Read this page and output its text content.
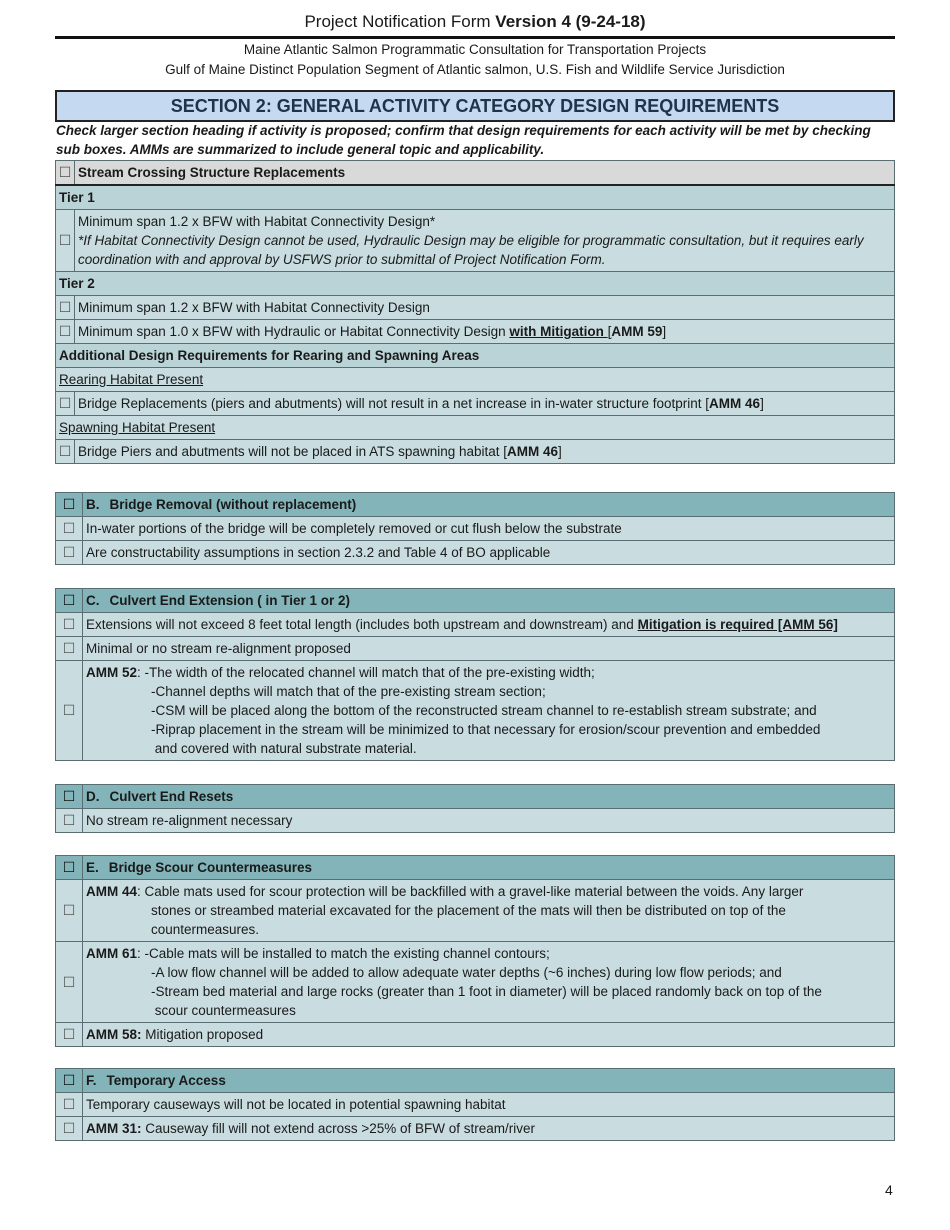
Project Notification Form Version 4 (9-24-18)
Maine Atlantic Salmon Programmatic Consultation for Transportation Projects
Gulf of Maine Distinct Population Segment of Atlantic salmon, U.S. Fish and Wildlife Service Jurisdiction
SECTION 2: GENERAL ACTIVITY CATEGORY DESIGN REQUIREMENTS
Check larger section heading if activity is proposed; confirm that design requirements for each activity will be met by checking sub boxes. AMMs are summarized to include general topic and applicability.
☐	Stream Crossing Structure Replacements
Tier 1	
☐	Minimum span 1.2 x BFW with Habitat Connectivity Design*
*If Habitat Connectivity Design cannot be used, Hydraulic Design may be eligible for programmatic consultation, but it requires early coordination with and approval by USFWS prior to submittal of Project Notification Form.
Tier 2	
☐	Minimum span 1.2 x BFW with Habitat Connectivity Design
☐	Minimum span 1.0 x BFW with Hydraulic or Habitat Connectivity Design with Mitigation [AMM 59]
Additional Design Requirements for Rearing and Spawning Areas	
Rearing Habitat Present	
☐	Bridge Replacements (piers and abutments) will not result in a net increase in in-water structure footprint [AMM 46]
Spawning Habitat Present	
☐	Bridge Piers and abutments will not be placed in ATS spawning habitat [AMM 46]
☐	B. Bridge Removal (without replacement)
☐	In-water portions of the bridge will be completely removed or cut flush below the substrate
☐	Are constructability assumptions in section 2.3.2 and Table 4 of BO applicable
☐	C. Culvert End Extension ( in Tier 1 or 2)
☐	Extensions will not exceed 8 feet total length (includes both upstream and downstream) and Mitigation is required [AMM 56]
☐	Minimal or no stream re-alignment proposed
☐	AMM 52: -The width of the relocated channel will match that of the pre-existing width;
-Channel depths will match that of the pre-existing stream section;
-CSM will be placed along the bottom of the reconstructed stream channel to re-establish stream substrate; and
-Riprap placement in the stream will be minimized to that necessary for erosion/scour prevention and embedded
and covered with natural substrate material.
☐	D. Culvert End Resets
☐	No stream re-alignment necessary
☐	E. Bridge Scour Countermeasures
☐	AMM 44: Cable mats used for scour protection will be backfilled with a gravel-like material between the voids. Any larger
stones or streambed material excavated for the placement of the mats will then be distributed on top of the
countermeasures.

☐	AMM 61: -Cable mats will be installed to match the existing channel contours;
-A low flow channel will be added to allow adequate water depths (~6 inches) during low flow periods; and
-Stream bed material and large rocks (greater than 1 foot in diameter) will be placed randomly back on top of the
scour countermeasures

☐	AMM 58: Mitigation proposed
☐	F. Temporary Access
☐	Temporary causeways will not be located in potential spawning habitat
☐	AMM 31: Causeway fill will not extend across >25% of BFW of stream/river
4
